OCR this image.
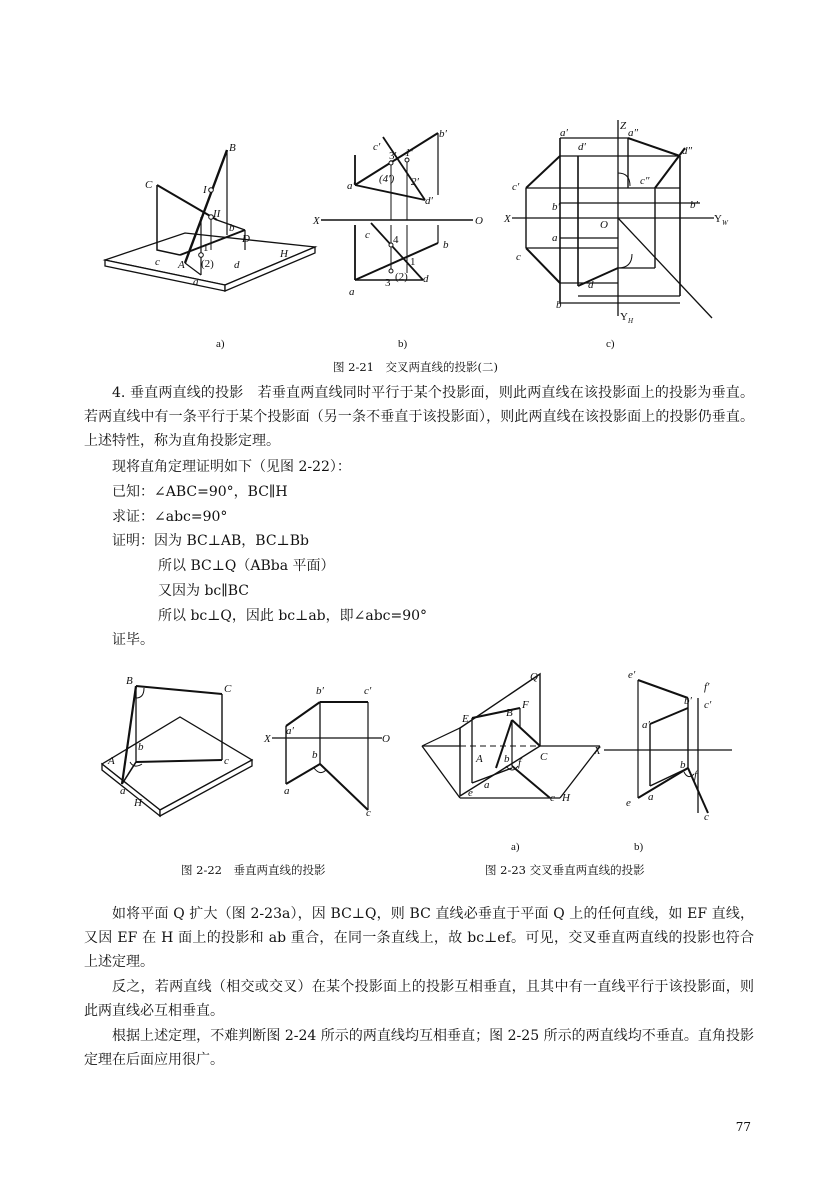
B
C	I
II
b
D
1
(2)
c A	d
H
a
a)
X	O
c′
3′ 1′
b′
a′
(4′) 2′
d′
c 4
1
b
3 (2) d
a
b)
X	Y W
Z
O
Y H
a′	a″
d′	d″
c′	c″
b′	b′
a
c
d
b
c)
图 2-21　交叉两直线的投影(二)

4. 垂直两直线的投影　若垂直两直线同时平行于某个投影面，则此两直线在该投影面上的投影为垂直。若两直线中有一条平行于某个投影面（另一条不垂直于该投影面），则此两直线在该投影面上的投影仍垂直。上述特性，称为直角投影定理。

现将直角定理证明如下（见图 2-22）：

已知：∠ABC=90°，BC∥H

求证：∠abc=90°

证明：因为 BC⊥AB，BC⊥Bb

所以 BC⊥Q（ABba 平面）

又因为 bc∥BC

所以 bc⊥Q，因此 bc⊥ab，即∠abc=90°

证毕。

B
C
b
A	c
a
H
X	O
b′	c′
a′
b
a
c
图 2-22　垂直两直线的投影
Q
E	B
F
A b f C
e
a
c H
X
e′
f′
b′ c′
a′
b
f
e a
c
a)	b)
图 2-23 交叉垂直两直线的投影

如将平面 Q 扩大（图 2-23a），因 BC⊥Q，则 BC 直线必垂直于平面 Q 上的任何直线，如 EF 直线，又因 EF 在 H 面上的投影和 ab 重合，在同一条直线上，故 bc⊥ef。可见，交叉垂直两直线的投影也符合上述定理。

反之，若两直线（相交或交叉）在某个投影面上的投影互相垂直，且其中有一直线平行于该投影面，则此两直线必互相垂直。

根据上述定理，不难判断图 2-24 所示的两直线均互相垂直；图 2-25 所示的两直线均不垂直。直角投影定理在后面应用很广。

77
